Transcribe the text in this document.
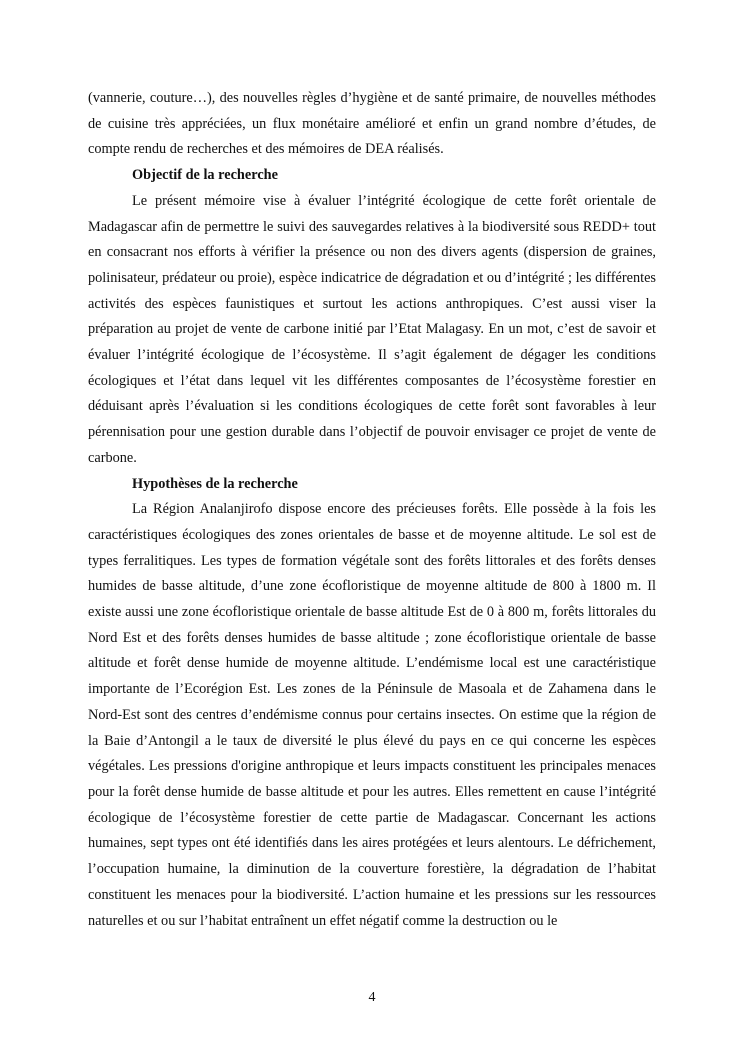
(vannerie, couture…), des nouvelles règles d’hygiène et de santé primaire, de nouvelles méthodes de cuisine très appréciées, un flux monétaire amélioré et enfin un grand nombre d’études, de compte rendu de recherches et des mémoires de DEA réalisés.

Objectif de la recherche

Le présent mémoire vise à évaluer l’intégrité écologique de cette forêt orientale de Madagascar afin de permettre le suivi des sauvegardes relatives à la biodiversité sous REDD+ tout en consacrant nos efforts à vérifier la présence ou non des divers agents (dispersion de graines, polinisateur, prédateur ou proie), espèce indicatrice de dégradation et ou d’intégrité ; les différentes activités des espèces faunistiques et surtout les actions anthropiques. C’est aussi viser la préparation au projet de vente de carbone initié par l’Etat Malagasy. En un mot, c’est de savoir et évaluer l’intégrité écologique de l’écosystème. Il s’agit également de dégager les conditions écologiques et l’état dans lequel vit les différentes composantes de l’écosystème forestier en déduisant après l’évaluation si les conditions écologiques de cette forêt sont favorables à leur pérennisation pour une gestion durable dans l’objectif de pouvoir envisager ce projet de vente de carbone.

Hypothèses de la recherche

La Région Analanjirofo dispose encore des précieuses forêts. Elle possède à la fois les caractéristiques écologiques des zones orientales de basse et de moyenne altitude. Le sol est de types ferralitiques. Les types de formation végétale sont des forêts littorales et des forêts denses humides de basse altitude, d’une zone écofloristique de moyenne altitude de 800 à 1800 m. Il existe aussi une zone écofloristique orientale de basse altitude Est de 0 à 800 m, forêts littorales du Nord Est et des forêts denses humides de basse altitude ; zone écofloristique orientale de basse altitude et forêt dense humide de moyenne altitude. L’endémisme local est une caractéristique importante de l’Ecorégion Est. Les zones de la Péninsule de Masoala et de Zahamena dans le Nord-Est sont des centres d’endémisme connus pour certains insectes. On estime que la région de la Baie d’Antongil a le taux de diversité le plus élevé du pays en ce qui concerne les espèces végétales. Les pressions d'origine anthropique et leurs impacts constituent les principales menaces pour la forêt dense humide de basse altitude et pour les autres. Elles remettent en cause l’intégrité écologique de l’écosystème forestier de cette partie de Madagascar. Concernant les actions humaines, sept types ont été identifiés dans les aires protégées et leurs alentours. Le défrichement, l’occupation humaine, la diminution de la couverture forestière, la dégradation de l’habitat constituent les menaces pour la biodiversité. L’action humaine et les pressions sur les ressources naturelles et ou sur l’habitat entraînent un effet négatif comme la destruction ou le

4
